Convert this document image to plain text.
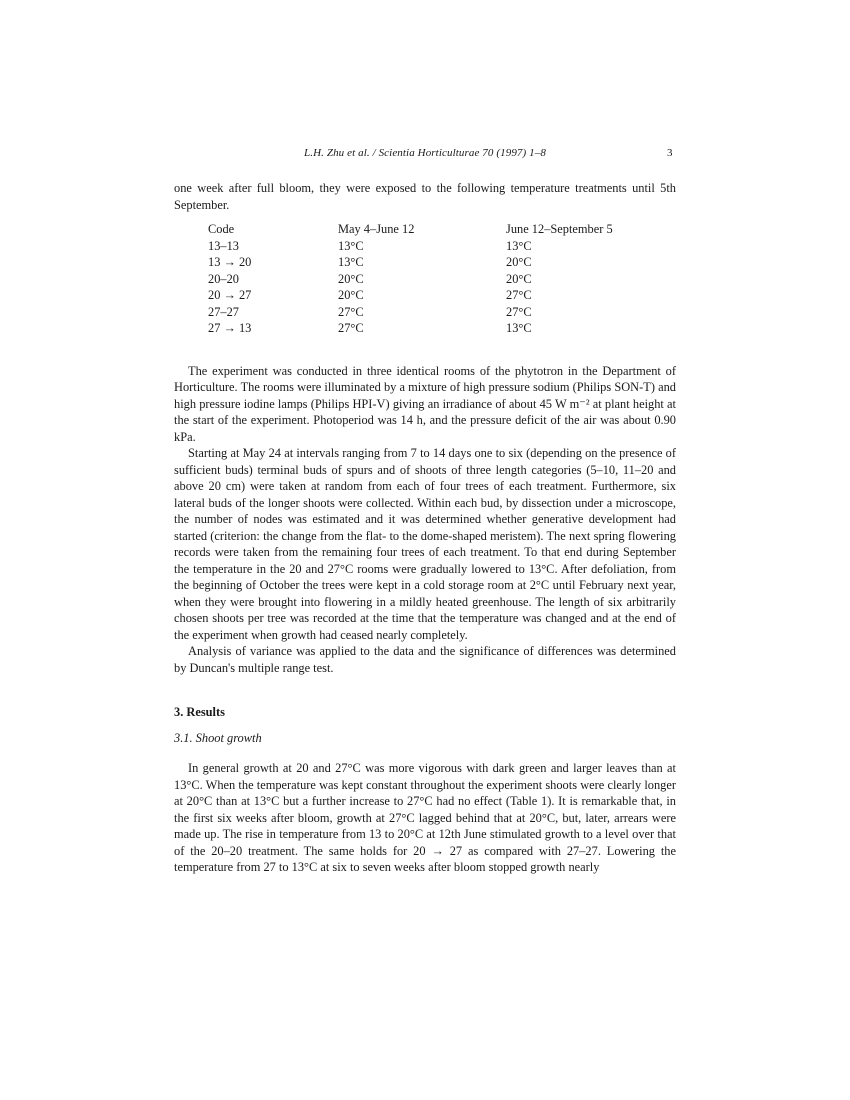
L.H. Zhu et al. / Scientia Horticulturae 70 (1997) 1–8	3

one week after full bloom, they were exposed to the following temperature treatments until 5th September.

Code	May 4–June 12	June 12–September 5
13–13	13°C	13°C
13 → 20	13°C	20°C
20–20	20°C	20°C
20 → 27	20°C	27°C
27–27	27°C	27°C
27 → 13	27°C	13°C

The experiment was conducted in three identical rooms of the phytotron in the Department of Horticulture. The rooms were illuminated by a mixture of high pressure sodium (Philips SON-T) and high pressure iodine lamps (Philips HPI-V) giving an irradiance of about 45 W m⁻² at plant height at the start of the experiment. Photoperiod was 14 h, and the pressure deficit of the air was about 0.90 kPa.

Starting at May 24 at intervals ranging from 7 to 14 days one to six (depending on the presence of sufficient buds) terminal buds of spurs and of shoots of three length categories (5–10, 11–20 and above 20 cm) were taken at random from each of four trees of each treatment. Furthermore, six lateral buds of the longer shoots were collected. Within each bud, by dissection under a microscope, the number of nodes was estimated and it was determined whether generative development had started (criterion: the change from the flat- to the dome-shaped meristem). The next spring flowering records were taken from the remaining four trees of each treatment. To that end during September the temperature in the 20 and 27°C rooms were gradually lowered to 13°C. After defoliation, from the beginning of October the trees were kept in a cold storage room at 2°C until February next year, when they were brought into flowering in a mildly heated greenhouse. The length of six arbitrarily chosen shoots per tree was recorded at the time that the temperature was changed and at the end of the experiment when growth had ceased nearly completely.

Analysis of variance was applied to the data and the significance of differences was determined by Duncan's multiple range test.

3. Results
3.1. Shoot growth

In general growth at 20 and 27°C was more vigorous with dark green and larger leaves than at 13°C. When the temperature was kept constant throughout the experiment shoots were clearly longer at 20°C than at 13°C but a further increase to 27°C had no effect (Table 1). It is remarkable that, in the first six weeks after bloom, growth at 27°C lagged behind that at 20°C, but, later, arrears were made up. The rise in temperature from 13 to 20°C at 12th June stimulated growth to a level over that of the 20–20 treatment. The same holds for 20 → 27 as compared with 27–27. Lowering the temperature from 27 to 13°C at six to seven weeks after bloom stopped growth nearly
